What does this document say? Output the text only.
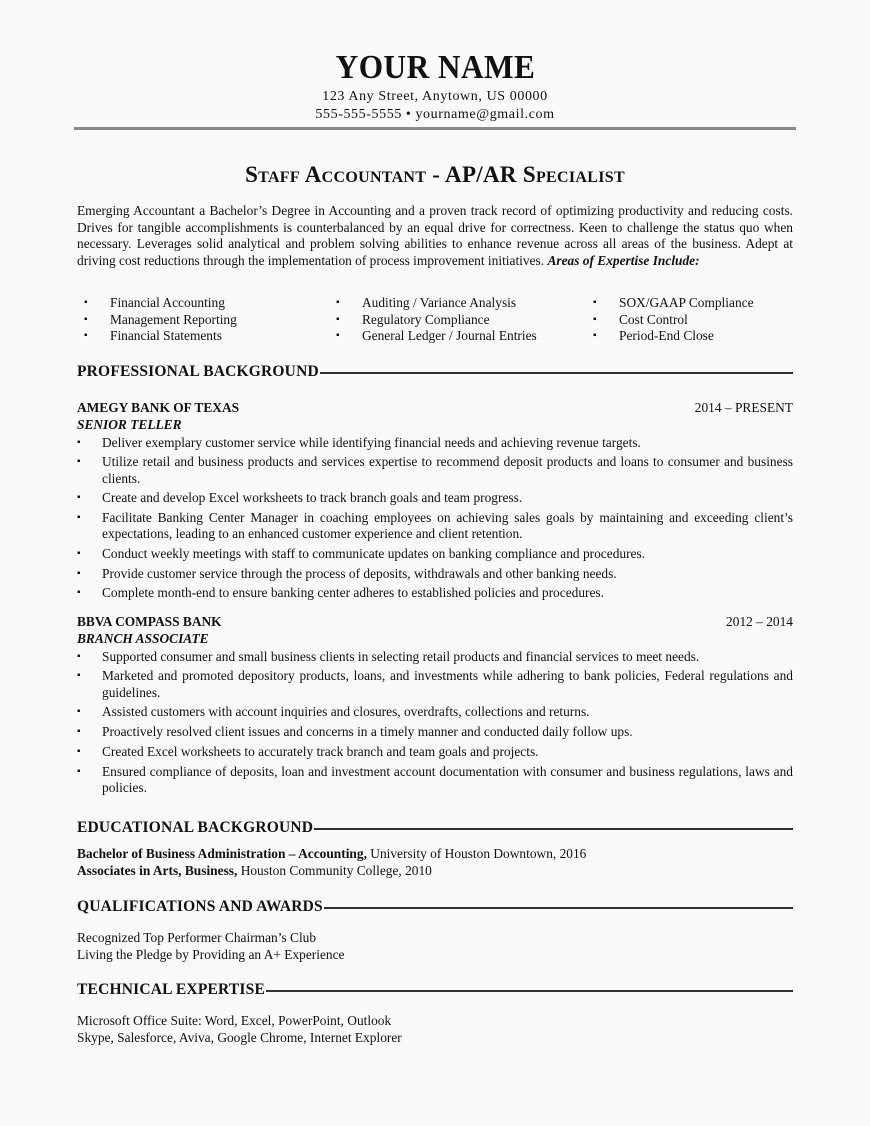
YOUR NAME
123 Any Street, Anytown, US 00000
555-555-5555 • yourname@gmail.com
Staff Accountant - AP/AR Specialist
Emerging Accountant a Bachelor’s Degree in Accounting and a proven track record of optimizing productivity and reducing costs. Drives for tangible accomplishments is counterbalanced by an equal drive for correctness. Keen to challenge the status quo when necessary. Leverages solid analytical and problem solving abilities to enhance revenue across all areas of the business. Adept at driving cost reductions through the implementation of process improvement initiatives. Areas of Expertise Include:
▪	Financial Accounting	▪	Auditing / Variance Analysis	▪	SOX/GAAP Compliance
▪	Management Reporting	▪	Regulatory Compliance	▪	Cost Control
▪	Financial Statements	▪	General Ledger / Journal Entries	▪	Period-End Close
PROFESSIONAL BACKGROUND
AMEGY BANK OF TEXAS	2014 – PRESENT
SENIOR TELLER
▪	Deliver exemplary customer service while identifying financial needs and achieving revenue targets.
▪	Utilize retail and business products and services expertise to recommend deposit products and loans to consumer and business clients.
▪	Create and develop Excel worksheets to track branch goals and team progress.
▪	Facilitate Banking Center Manager in coaching employees on achieving sales goals by maintaining and exceeding client’s expectations, leading to an enhanced customer experience and client retention.
▪	Conduct weekly meetings with staff to communicate updates on banking compliance and procedures.
▪	Provide customer service through the process of deposits, withdrawals and other banking needs.
▪	Complete month-end to ensure banking center adheres to established policies and procedures.
BBVA COMPASS BANK	2012 – 2014
BRANCH ASSOCIATE
▪	Supported consumer and small business clients in selecting retail products and financial services to meet needs.
▪	Marketed and promoted depository products, loans, and investments while adhering to bank policies, Federal regulations and guidelines.
▪	Assisted customers with account inquiries and closures, overdrafts, collections and returns.
▪	Proactively resolved client issues and concerns in a timely manner and conducted daily follow ups.
▪	Created Excel worksheets to accurately track branch and team goals and projects.
▪	Ensured compliance of deposits, loan and investment account documentation with consumer and business regulations, laws and policies.
EDUCATIONAL BACKGROUND
Bachelor of Business Administration – Accounting, University of Houston Downtown, 2016
Associates in Arts, Business, Houston Community College, 2010
QUALIFICATIONS AND AWARDS
Recognized Top Performer Chairman’s Club
Living the Pledge by Providing an A+ Experience
TECHNICAL EXPERTISE
Microsoft Office Suite: Word, Excel, PowerPoint, Outlook
Skype, Salesforce, Aviva, Google Chrome, Internet Explorer
